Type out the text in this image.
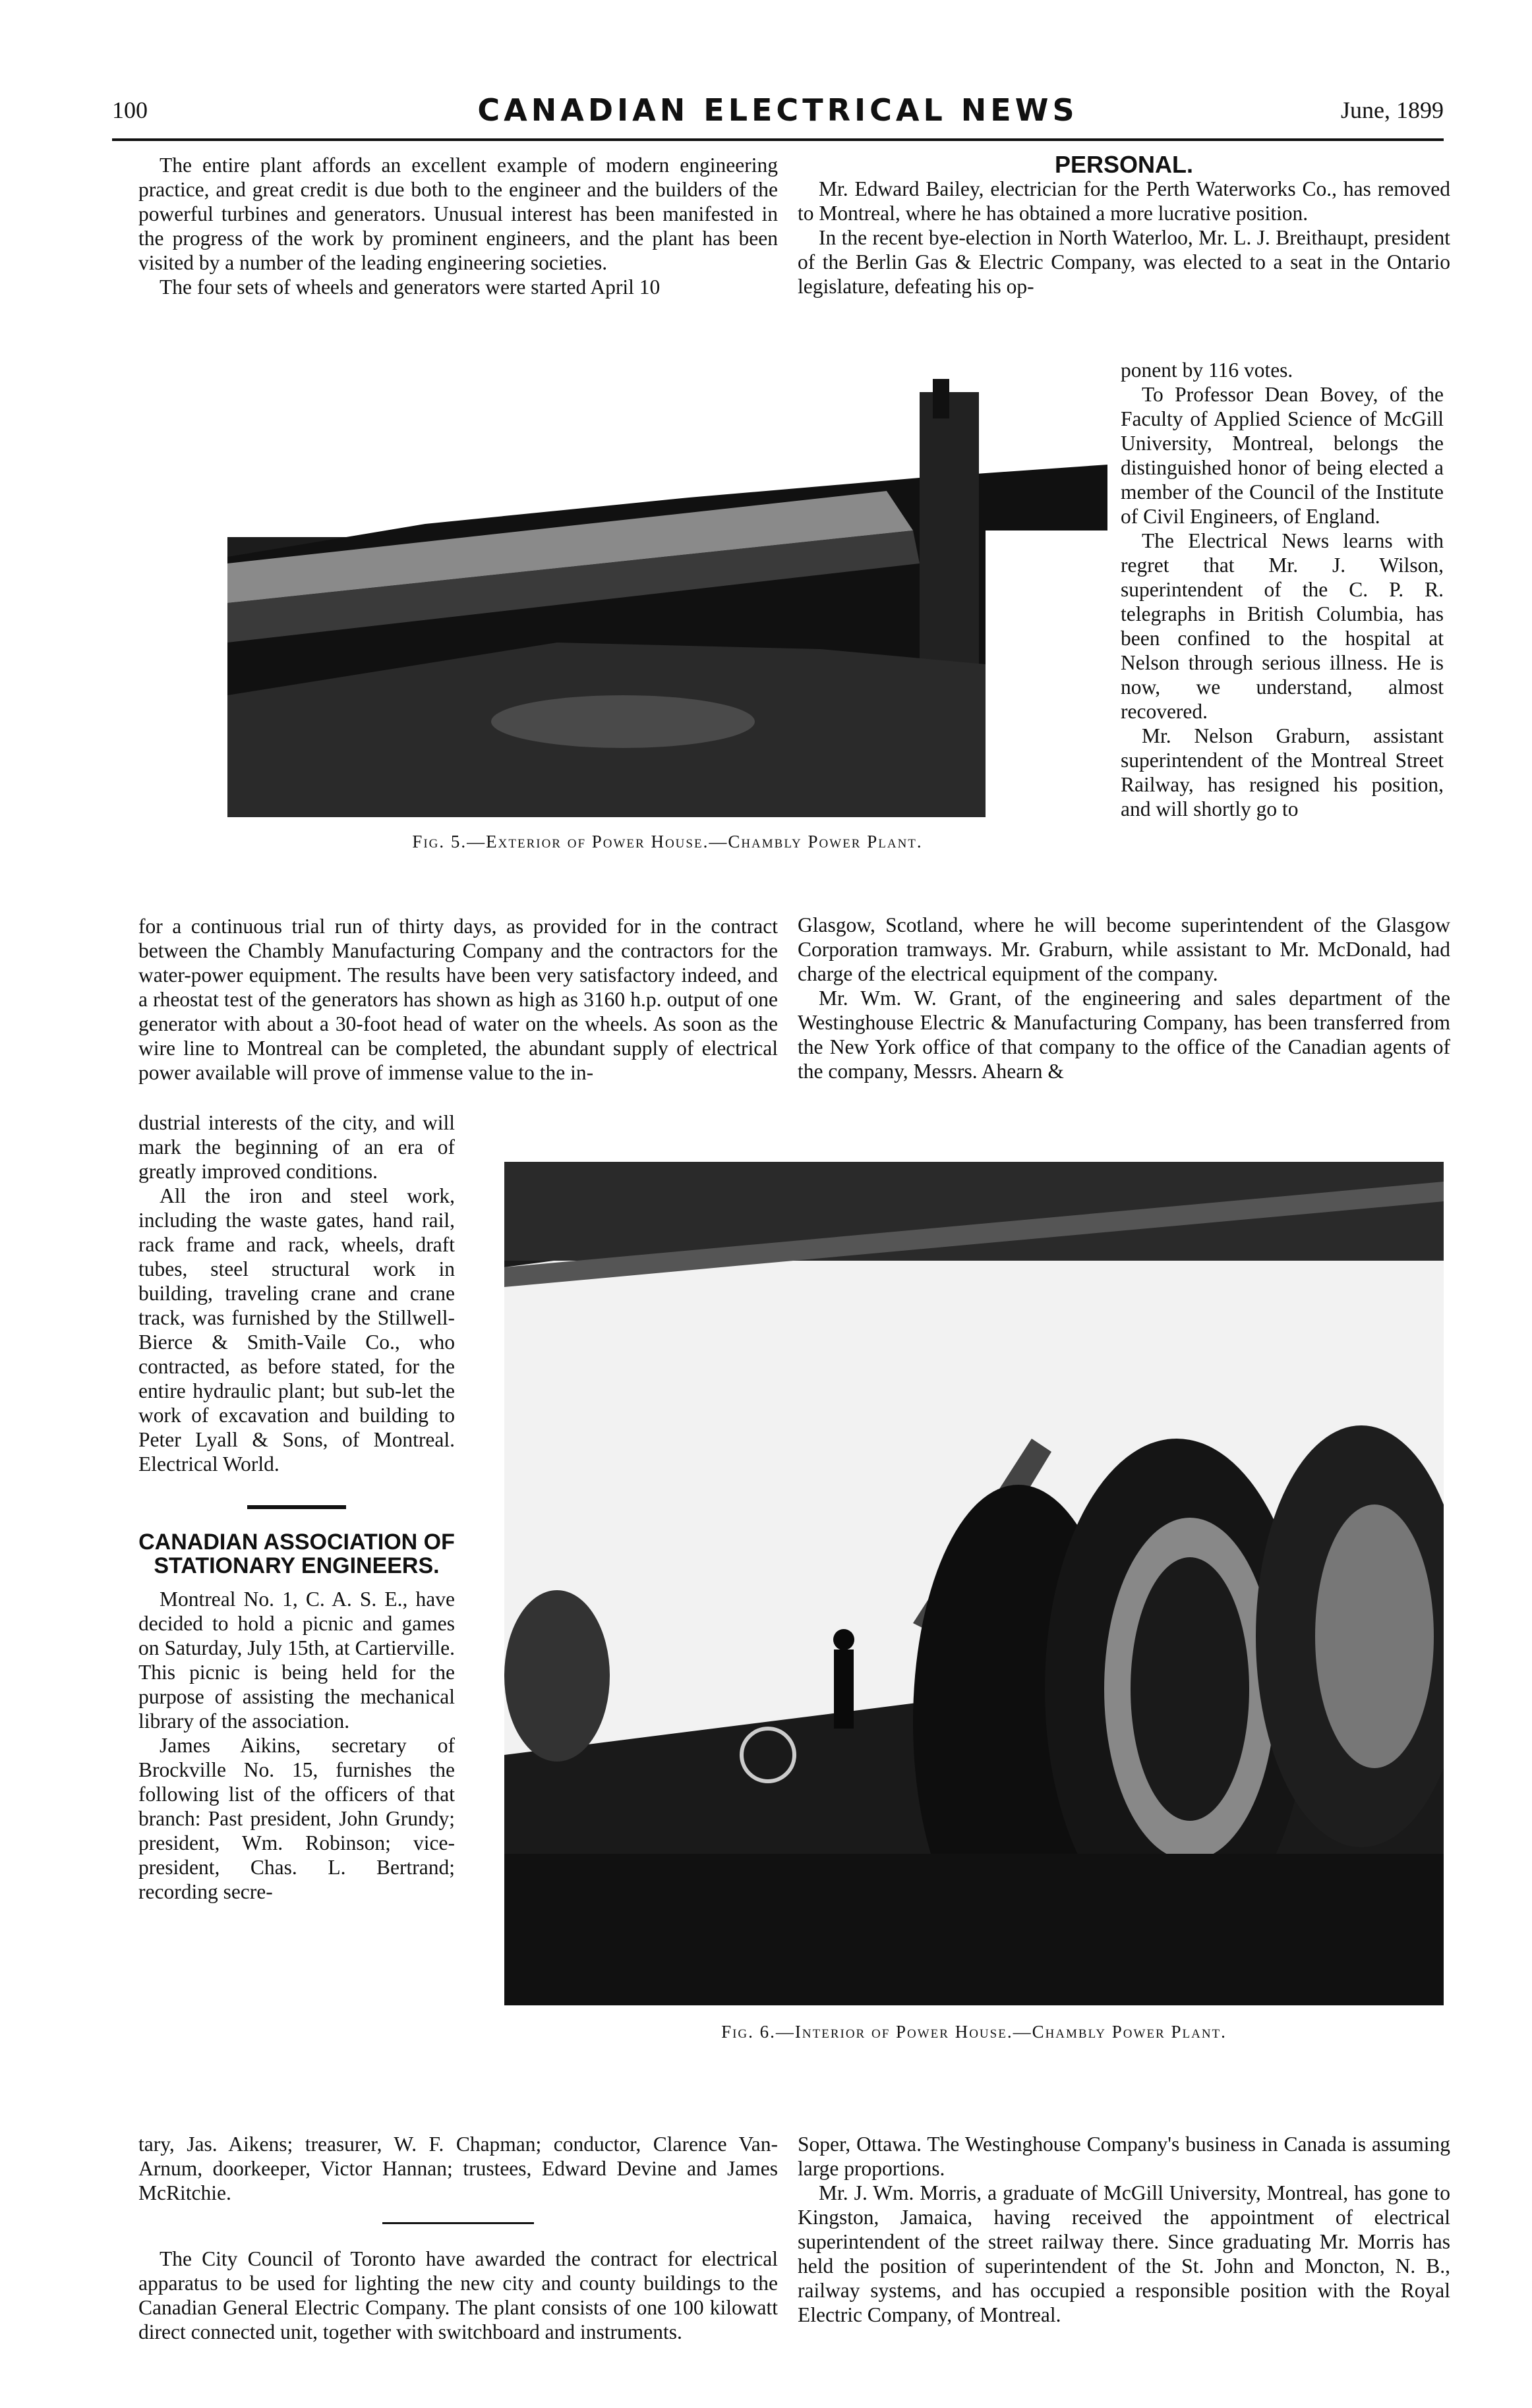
100	CANADIAN ELECTRICAL NEWS	June, 1899

The entire plant affords an excellent example of modern engineering practice, and great credit is due both to the engineer and the builders of the powerful turbines and generators. Unusual interest has been manifested in the progress of the work by prominent engineers, and the plant has been visited by a number of the leading engineering societies.

The four sets of wheels and generators were started April 10

Fig. 5.—Exterior of Power House.—Chambly Power Plant.

for a continuous trial run of thirty days, as provided for in the contract between the Chambly Manufacturing Company and the contractors for the water-power equipment. The results have been very satisfactory indeed, and a rheostat test of the generators has shown as high as 3160 h.p. output of one generator with about a 30-foot head of water on the wheels. As soon as the wire line to Montreal can be completed, the abundant supply of electrical power available will prove of immense value to the in-

dustrial interests of the city, and will mark the beginning of an era of greatly improved conditions.

All the iron and steel work, including the waste gates, hand rail, rack frame and rack, wheels, draft tubes, steel structural work in building, traveling crane and crane track, was furnished by the Stillwell-Bierce & Smith-Vaile Co., who contracted, as before stated, for the entire hydraulic plant; but sub-let the work of excavation and building to Peter Lyall & Sons, of Montreal. Electrical World.

CANADIAN ASSOCIATION OF STATIONARY ENGINEERS.

Montreal No. 1, C. A. S. E., have decided to hold a picnic and games on Saturday, July 15th, at Cartierville. This picnic is being held for the purpose of assisting the mechanical library of the association.

James Aikins, secretary of Brockville No. 15, furnishes the following list of the officers of that branch: Past president, John Grundy; president, Wm. Robinson; vice-president, Chas. L. Bertrand; recording secre-

tary, Jas. Aikens; treasurer, W. F. Chapman; conductor, Clarence Van-Arnum, doorkeeper, Victor Hannan; trustees, Edward Devine and James McRitchie.

The City Council of Toronto have awarded the contract for electrical apparatus to be used for lighting the new city and county buildings to the Canadian General Electric Company. The plant consists of one 100 kilowatt direct connected unit, together with switchboard and instruments.

PERSONAL.

Mr. Edward Bailey, electrician for the Perth Waterworks Co., has removed to Montreal, where he has obtained a more lucrative position.

In the recent bye-election in North Waterloo, Mr. L. J. Breithaupt, president of the Berlin Gas & Electric Company, was elected to a seat in the Ontario legislature, defeating his op-

ponent by 116 votes.

To Professor Dean Bovey, of the Faculty of Applied Science of McGill University, Montreal, belongs the distinguished honor of being elected a member of the Council of the Institute of Civil Engineers, of England.

The Electrical News learns with regret that Mr. J. Wilson, superintendent of the C. P. R. telegraphs in British Columbia, has been confined to the hospital at Nelson through serious illness. He is now, we understand, almost recovered.

Mr. Nelson Graburn, assistant superintendent of the Montreal Street Railway, has resigned his position, and will shortly go to

Glasgow, Scotland, where he will become superintendent of the Glasgow Corporation tramways. Mr. Graburn, while assistant to Mr. McDonald, had charge of the electrical equipment of the company.

Mr. Wm. W. Grant, of the engineering and sales department of the Westinghouse Electric & Manufacturing Company, has been transferred from the New York office of that company to the office of the Canadian agents of the company, Messrs. Ahearn &

Fig. 6.—Interior of Power House.—Chambly Power Plant.

Soper, Ottawa. The Westinghouse Company's business in Canada is assuming large proportions.

Mr. J. Wm. Morris, a graduate of McGill University, Montreal, has gone to Kingston, Jamaica, having received the appointment of electrical superintendent of the street railway there. Since graduating Mr. Morris has held the position of superintendent of the St. John and Moncton, N. B., railway systems, and has occupied a responsible position with the Royal Electric Company, of Montreal.
